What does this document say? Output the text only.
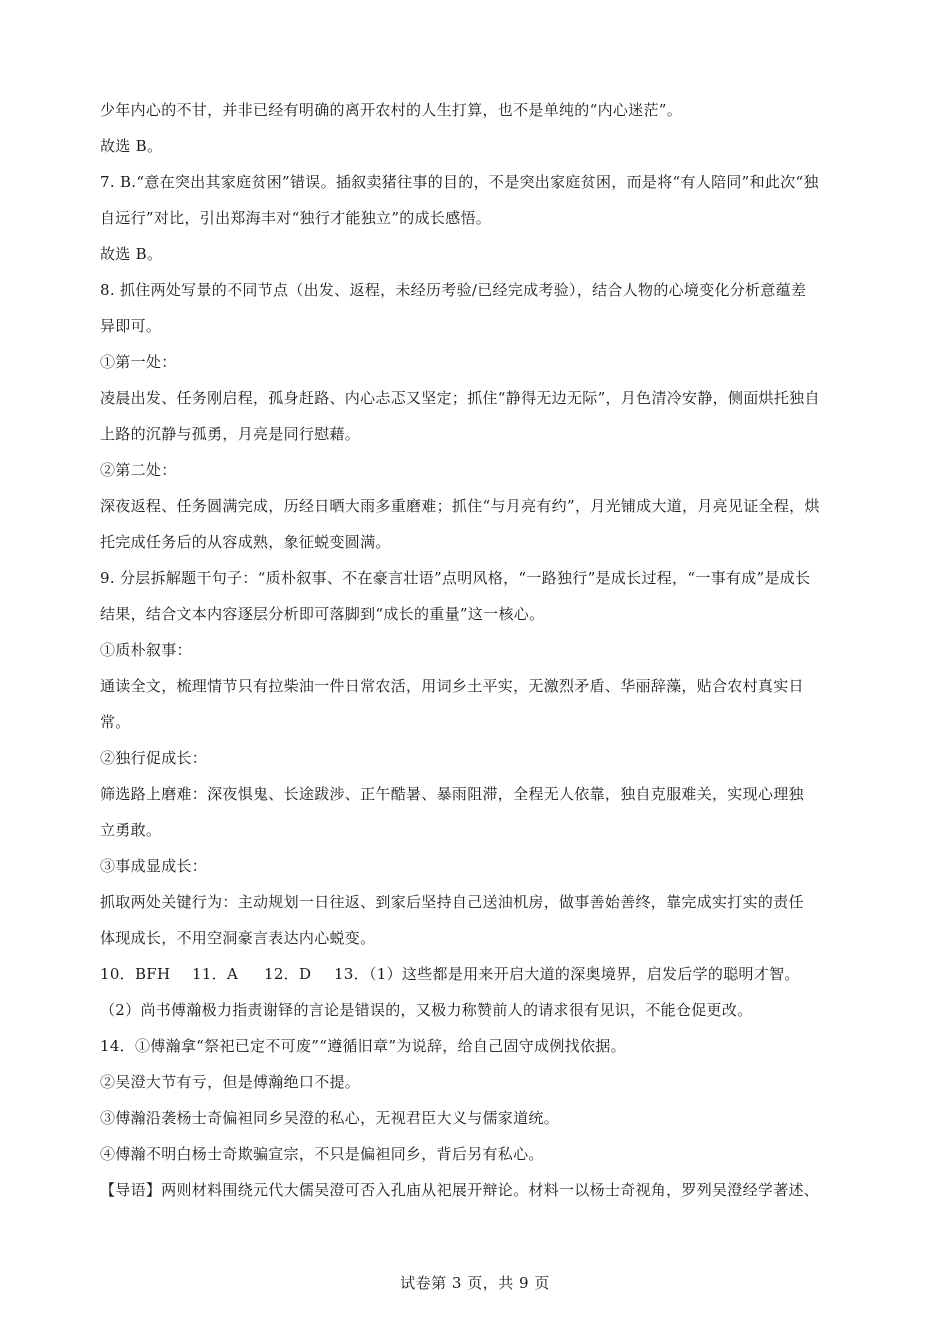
少年内心的不甘，并非已经有明确的离开农村的人生打算，也不是单纯的“内心迷茫”。
故选 B。
7. B.“意在突出其家庭贫困”错误。插叙卖猪往事的目的，不是突出家庭贫困，而是将“有人陪同”和此次“独
自远行”对比，引出郑海丰对“独行才能独立”的成长感悟。
故选 B。
8. 抓住两处写景的不同节点（出发、返程，未经历考验/已经完成考验），结合人物的心境变化分析意蕴差
异即可。
①第一处：
凌晨出发、任务刚启程，孤身赶路、内心忐忑又坚定；抓住“静得无边无际”，月色清冷安静，侧面烘托独自
上路的沉静与孤勇，月亮是同行慰藉。
②第二处：
深夜返程、任务圆满完成，历经日晒大雨多重磨难；抓住“与月亮有约”，月光铺成大道，月亮见证全程，烘
托完成任务后的从容成熟，象征蜕变圆满。
9. 分层拆解题干句子：“质朴叙事、不在豪言壮语”点明风格，“一路独行”是成长过程，“一事有成”是成长
结果，结合文本内容逐层分析即可落脚到“成长的重量”这一核心。
①质朴叙事：
通读全文，梳理情节只有拉柴油一件日常农活，用词乡土平实，无激烈矛盾、华丽辞藻，贴合农村真实日
常。
②独行促成长：
筛选路上磨难：深夜惧鬼、长途跋涉、正午酷暑、暴雨阻滞，全程无人依靠，独自克服难关，实现心理独
立勇敢。
③事成显成长：
抓取两处关键行为：主动规划一日往返、到家后坚持自己送油机房，做事善始善终，靠完成实打实的责任
体现成长，不用空洞豪言表达内心蜕变。
10．BFH	11．A	12．D	13．（1）这些都是用来开启大道的深奥境界，启发后学的聪明才智。
（2）尚书傅瀚极力指责谢铎的言论是错误的，又极力称赞前人的请求很有见识，不能仓促更改。
14．①傅瀚拿“祭祀已定不可废”“遵循旧章”为说辞，给自己固守成例找依据。
②吴澄大节有亏，但是傅瀚绝口不提。
③傅瀚沿袭杨士奇偏袒同乡吴澄的私心，无视君臣大义与儒家道统。
④傅瀚不明白杨士奇欺骗宣宗，不只是偏袒同乡，背后另有私心。
【导语】两则材料围绕元代大儒吴澄可否入孔庙从祀展开辩论。材料一以杨士奇视角，罗列吴澄经学著述、
试卷第 3 页，共 9 页
